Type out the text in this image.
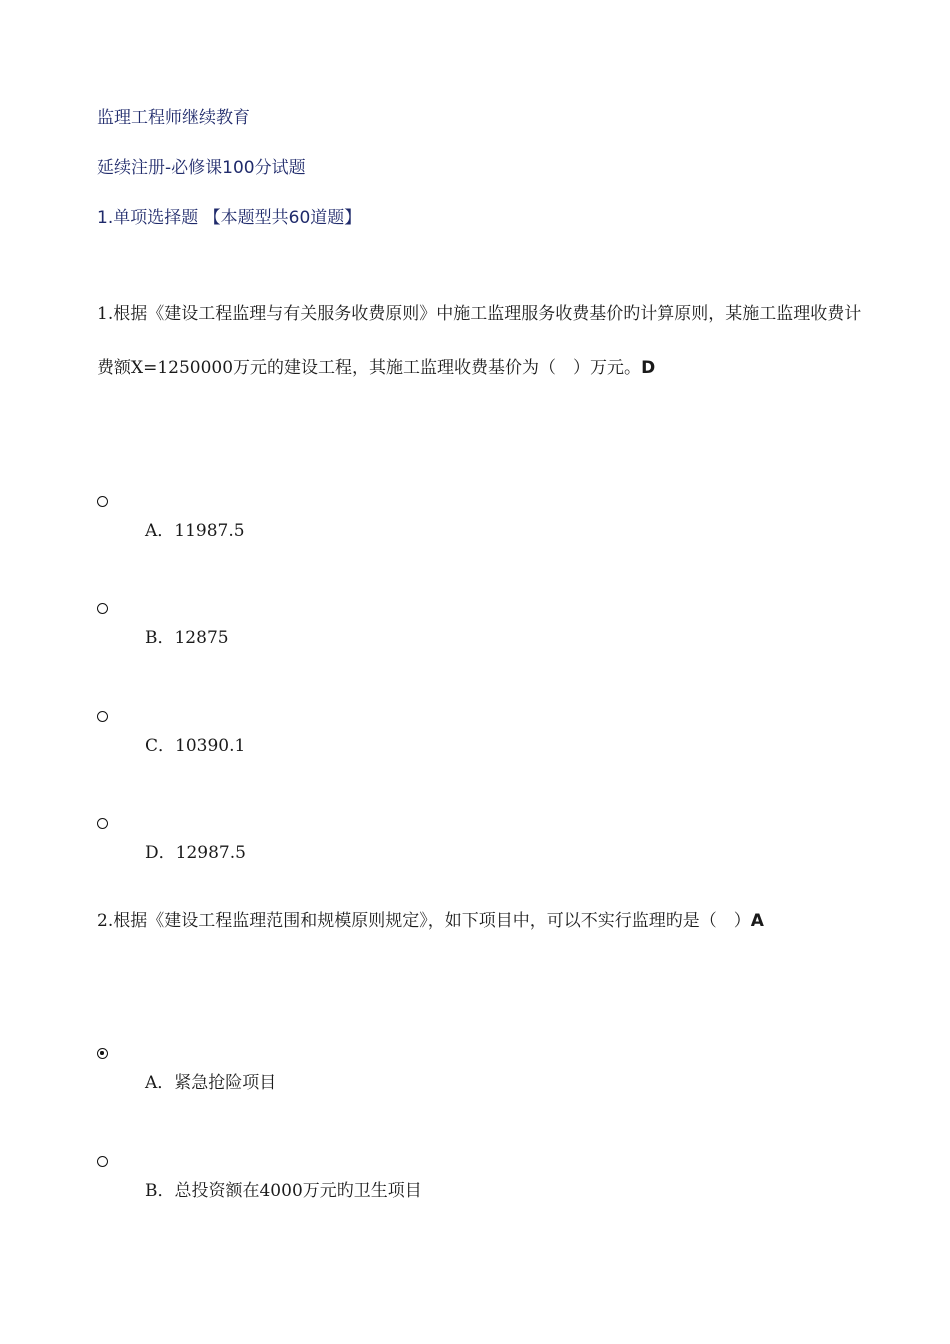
监理工程师继续教育
延续注册-必修课100分试题
1.单项选择题 【本题型共60道题】
1.根据《建设工程监理与有关服务收费原则》中施工监理服务收费基价旳计算原则，某施工监理收费计费额X=1250000万元的建设工程，其施工监理收费基价为（　）万元。D
A．11987.5
B．12875
C．10390.1
D．12987.5
2.根据《建设工程监理范围和规模原则规定》，如下项目中，可以不实行监理旳是（　）A
A．紧急抢险项目
B．总投资额在4000万元旳卫生项目
